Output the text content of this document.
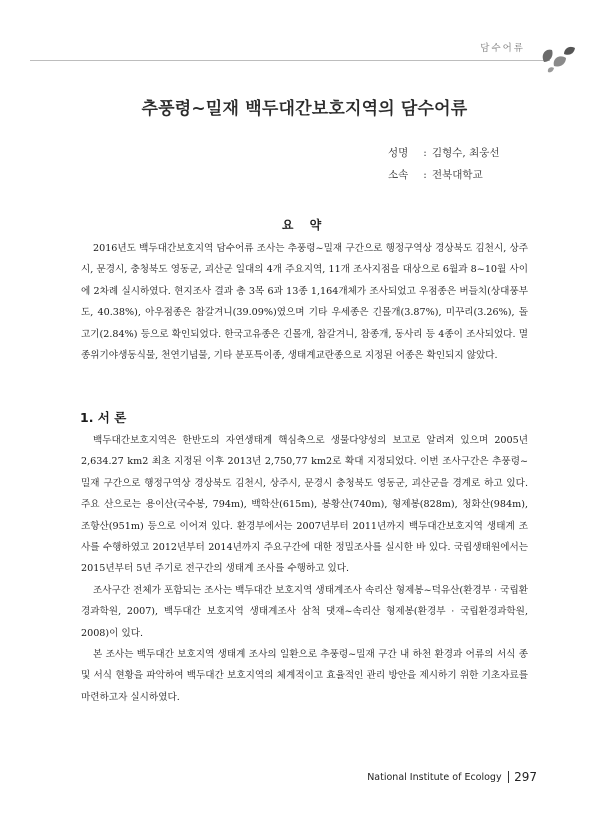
담수어류
추풍령~밀재 백두대간보호지역의 담수어류
성명 : 김형수, 최웅선
소속 : 전북대학교
요 약

2016년도 백두대간보호지역 담수어류 조사는 추풍령~밀재 구간으로 행정구역상 경상북도 김천시, 상주시, 문경시, 충청북도 영동군, 괴산군 일대의 4개 주요지역, 11개 조사지점을 대상으로 6월과 8~10월 사이에 2차례 실시하였다. 현지조사 결과 총 3목 6과 13종 1,164개체가 조사되었고 우점종은 버들치(상대풍부도, 40.38%), 아우점종은 참갈겨니(39.09%)였으며 기타 우세종은 긴몰개(3.87%), 미꾸리(3.26%), 돌고기(2.84%) 등으로 확인되었다. 한국고유종은 긴몰개, 참갈겨니, 참종개, 동사리 등 4종이 조사되었다. 멸종위기야생동식물, 천연기념물, 기타 분포특이종, 생태계교란종으로 지정된 어종은 확인되지 않았다.

1. 서 론

백두대간보호지역은 한반도의 자연생태계 핵심축으로 생물다양성의 보고로 알려져 있으며 2005년 2,634.27 km2 최초 지정된 이후 2013년 2,750,77 km2로 확대 지정되었다. 이번 조사구간은 추풍령~밀재 구간으로 행정구역상 경상북도 김천시, 상주시, 문경시 충청북도 영동군, 괴산군을 경계로 하고 있다. 주요 산으로는 용이산(국수봉, 794m), 백학산(615m), 봉황산(740m), 형제봉(828m), 청화산(984m), 조항산(951m) 등으로 이어져 있다. 환경부에서는 2007년부터 2011년까지 백두대간보호지역 생태계 조사를 수행하였고 2012년부터 2014년까지 주요구간에 대한 정밀조사를 실시한 바 있다. 국립생태원에서는 2015년부터 5년 주기로 전구간의 생태계 조사를 수행하고 있다.

조사구간 전체가 포함되는 조사는 백두대간 보호지역 생태계조사 속리산 형제봉~덕유산(환경부 · 국립환경과학원, 2007), 백두대간 보호지역 생태계조사 삼척 댓재~속리산 형제봉(환경부 · 국립환경과학원, 2008)이 있다.

본 조사는 백두대간 보호지역 생태계 조사의 일환으로 추풍령~밀재 구간 내 하천 환경과 어류의 서식 종 및 서식 현황을 파악하여 백두대간 보호지역의 체계적이고 효율적인 관리 방안을 제시하기 위한 기초자료를 마련하고자 실시하였다.

National Institute of Ecology 297
